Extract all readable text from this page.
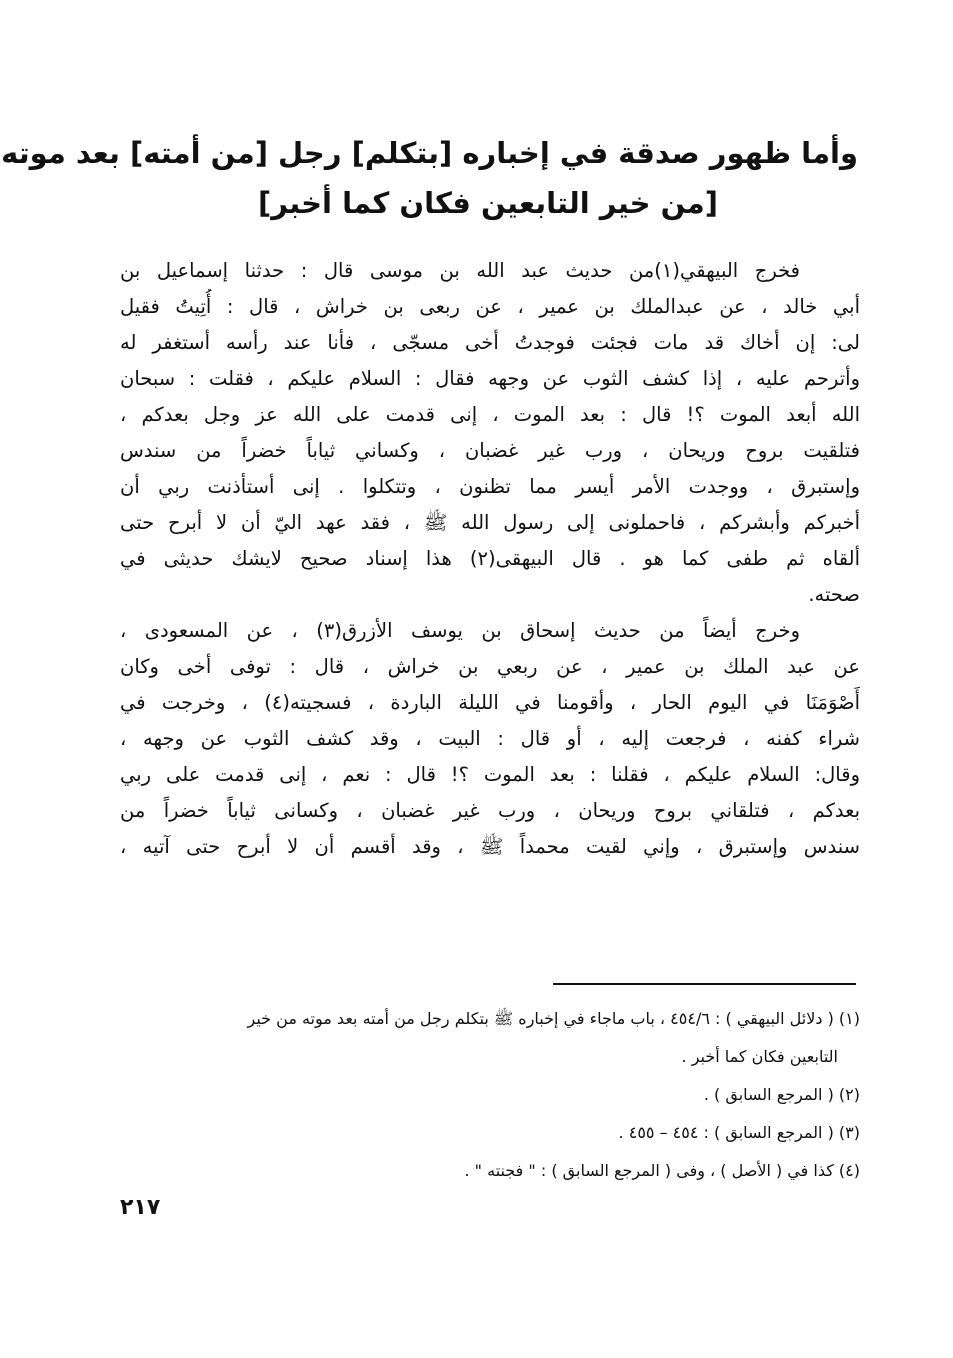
وأما ظهور صدقة في إخباره [بتكلم] رجل [من أمته] بعد موته
[من خير التابعين فكان كما أخبر]
فخرج البيهقي(١)من حديث عبد الله بن موسى قال : حدثنا إسماعيل بن
أبي خالد ، عن عبدالملك بن عمير ، عن ربعى بن خراش ، قال : أُتِيتُ فقيل
لى: إن أخاك قد مات فجئت فوجدتُ أخى مسجّى ، فأنا عند رأسه أستغفر له
وأترحم عليه ، إذا كشف الثوب عن وجهه فقال : السلام عليكم ، فقلت : سبحان
الله أبعد الموت ؟! قال : بعد الموت ، إنى قدمت على الله عز وجل بعدكم ،
فتلقيت بروح وريحان ، ورب غير غضبان ، وكساني ثياباً خضراً من سندس
وإستبرق ، ووجدت الأمر أيسر مما تظنون ، وتتكلوا . إنى أستأذنت ربي أن
أخبركم وأبشركم ، فاحملونى إلى رسول الله ﷺ ، فقد عهد اليّ أن لا أبرح حتى
ألقاه ثم طفى كما هو . قال البيهقى(٢) هذا إسناد صحيح لايشك حديثى في
صحته.
وخرج أيضاً من حديث إسحاق بن يوسف الأزرق(٣) ، عن المسعودى ،
عن عبد الملك بن عمير ، عن ربعي بن خراش ، قال : توفى أخى وكان
أَصْوَمَنَا في اليوم الحار ، وأقومنا في الليلة الباردة ، فسجيته(٤) ، وخرجت في
شراء كفنه ، فرجعت إليه ، أو قال : البيت ، وقد كشف الثوب عن وجهه ،
وقال: السلام عليكم ، فقلنا : بعد الموت ؟! قال : نعم ، إنى قدمت على ربي
بعدكم ، فتلقاني بروح وريحان ، ورب غير غضبان ، وكسانى ثياباً خضراً من
سندس وإستبرق ، وإني لقيت محمداً ﷺ ، وقد أقسم أن لا أبرح حتى آتيه ،
(١) ( دلائل البيهقي ) : ٤٥٤/٦ ، باب ماجاء في إخباره ﷺ بتكلم رجل من أمته بعد موته من خير
التابعين فكان كما أخبر .
(٢) ( المرجع السابق ) .
(٣) ( المرجع السابق ) : ٤٥٤ – ٤٥٥ .
(٤) كذا في ( الأصل ) ، وفى ( المرجع السابق ) : " فجنته " .
٢١٧
